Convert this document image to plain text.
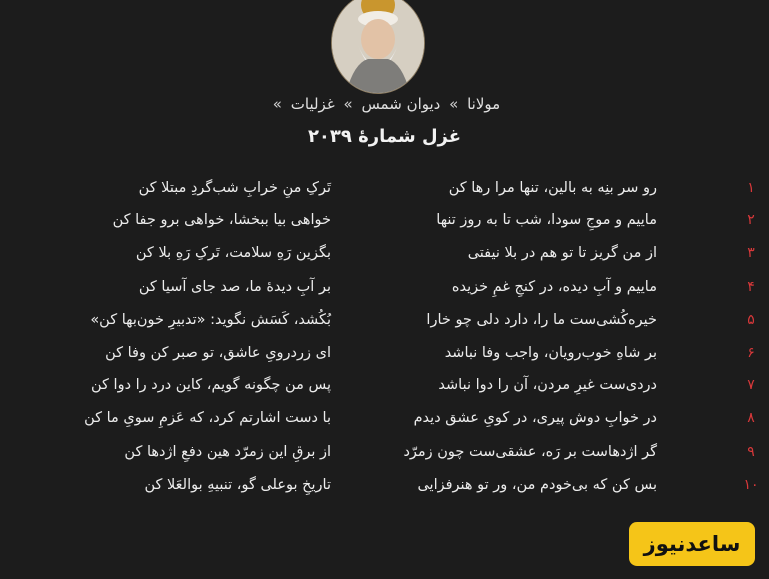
مولانا » دیوان شمس » غزلیات »
غزل شمارهٔ ۲۰۳۹
۱
رو سر بنِه به بالین، تنها مرا رها کن
تَرکِ منِ خرابِ شب‌گردِ مبتلا کن
۲
ماییم و موجِ سودا، شب تا به روز تنها
خواهی بیا ببخشا، خواهی برو جفا کن
۳
از من گریز تا تو هم در بلا نیفتی
بگزین رَهِ سلامت، تَرکِ رَهِ بلا کن
۴
ماییم و آبِ دیده، در کنجِ غمِ خزیده
بر آبِ دیدهٔ ما، صد جای آسیا کن
۵
خیره‌کُشی‌ست ما را، دارد دلی چو خارا
بُکُشد، کَسَش نگوید: «تدبیرِ خون‌بها کن»
۶
بر شاهِ خوب‌رویان، واجب وفا نباشد
ای زردرویِ عاشق، تو صبر کن وفا کن
۷
دردی‌ست غیرِ مردن، آن را دوا نباشد
پس من چگونه گویم، کاین درد را دوا کن
۸
در خوابِ دوش پیری، در کویِ عشق دیدم
با دست اشارتم کرد، که عَزمِ سویِ ما کن
۹
گر اژدهاست بر رَه، عشقی‌ست چون زمرّد
از برقِ این زمرّد هین دفعِ اژدها کن
۱۰
بس کن که بی‌خودم من، ور تو هنرفزایی
تاریخِ بوعلی گو، تنبیهِ بوالعَلا کن
ساعدنیوز
